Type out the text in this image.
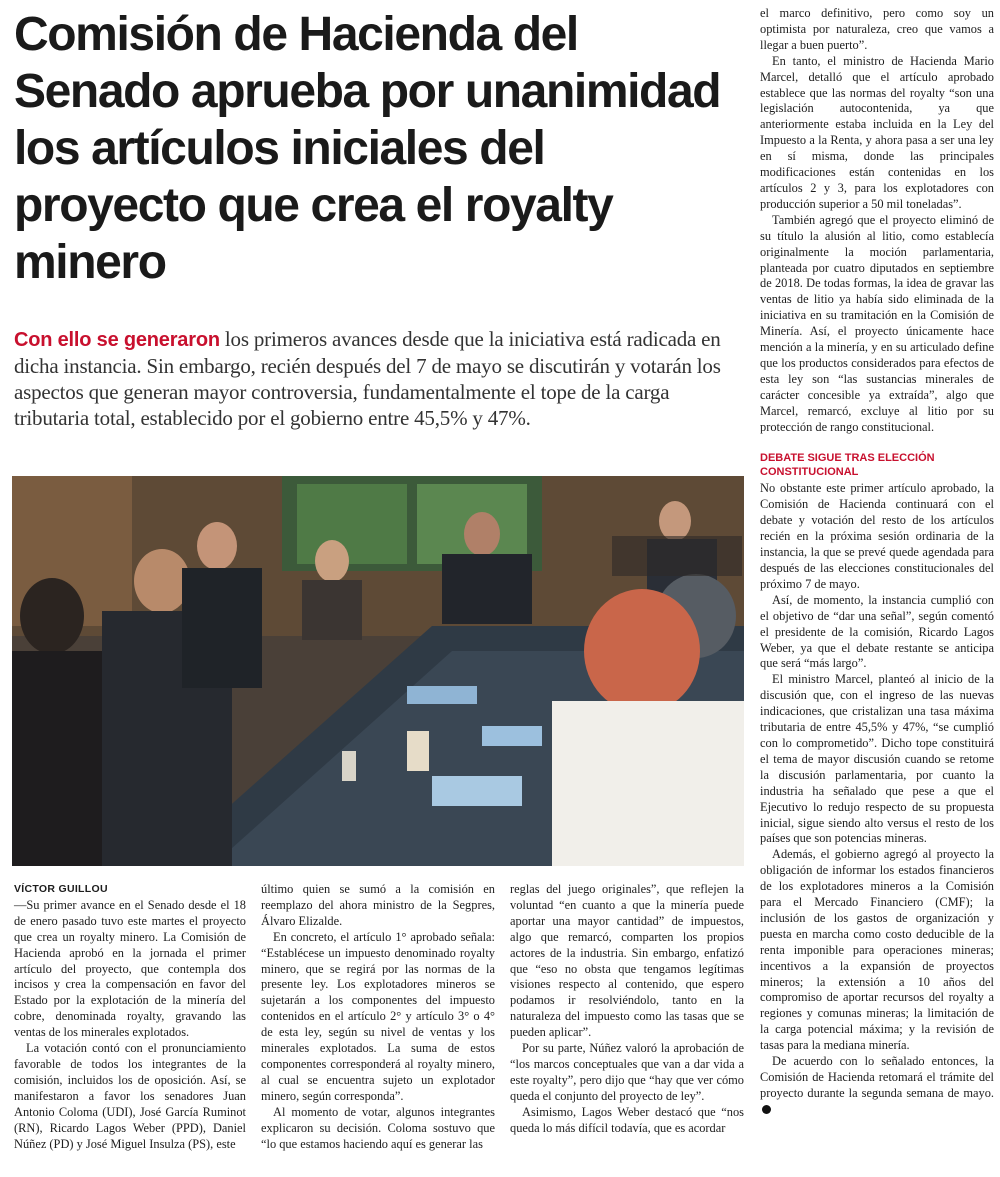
Comisión de Hacienda del Senado aprueba por unanimidad los artículos iniciales del proyecto que crea el royalty minero

Con ello se generaron los primeros avances desde que la iniciativa está radicada en dicha instancia. Sin embargo, recién después del 7 de mayo se discutirán y votarán los aspectos que generan mayor controversia, fundamentalmente el tope de la carga tributaria total, establecido por el gobierno entre 45,5% y 47%.

VÍCTOR GUILLOU

—Su primer avance en el Senado desde el 18 de enero pasado tuvo este martes el proyecto que crea un royalty minero. La Comisión de Hacienda aprobó en la jornada el primer artículo del proyecto, que contempla dos incisos y crea la compensación en favor del Estado por la explotación de la minería del cobre, denominada royalty, gravando las ventas de los minerales explotados.

La votación contó con el pronunciamiento favorable de todos los integrantes de la comisión, incluidos los de oposición. Así, se manifestaron a favor los senadores Juan Antonio Coloma (UDI), José García Ruminot (RN), Ricardo Lagos Weber (PPD), Daniel Núñez (PD) y José Miguel Insulza (PS), este

último quien se sumó a la comisión en reemplazo del ahora ministro de la Segpres, Álvaro Elizalde.

En concreto, el artículo 1° aprobado señala: “Establécese un impuesto denominado royalty minero, que se regirá por las normas de la presente ley. Los explotadores mineros se sujetarán a los componentes del impuesto contenidos en el artículo 2° y artículo 3° o 4° de esta ley, según su nivel de ventas y los minerales explotados. La suma de estos componentes corresponderá al royalty minero, al cual se encuentra sujeto un explotador minero, según corresponda”.

Al momento de votar, algunos integrantes explicaron su decisión. Coloma sostuvo que “lo que estamos haciendo aquí es generar las

reglas del juego originales”, que reflejen la voluntad “en cuanto a que la minería puede aportar una mayor cantidad” de impuestos, algo que remarcó, comparten los propios actores de la industria. Sin embargo, enfatizó que “eso no obsta que tengamos legítimas visiones respecto al contenido, que espero podamos ir resolviéndolo, tanto en la naturaleza del impuesto como las tasas que se pueden aplicar”.

Por su parte, Núñez valoró la aprobación de “los marcos conceptuales que van a dar vida a este royalty”, pero dijo que “hay que ver cómo queda el conjunto del proyecto de ley”.

Asimismo, Lagos Weber destacó que “nos queda lo más difícil todavía, que es acordar

el marco definitivo, pero como soy un optimista por naturaleza, creo que vamos a llegar a buen puerto”.

En tanto, el ministro de Hacienda Mario Marcel, detalló que el artículo aprobado establece que las normas del royalty “son una legislación autocontenida, ya que anteriormente estaba incluida en la Ley del Impuesto a la Renta, y ahora pasa a ser una ley en sí misma, donde las principales modificaciones están contenidas en los artículos 2 y 3, para los explotadores con producción superior a 50 mil toneladas”.

También agregó que el proyecto eliminó de su título la alusión al litio, como establecía originalmente la moción parlamentaria, planteada por cuatro diputados en septiembre de 2018. De todas formas, la idea de gravar las ventas de litio ya había sido eliminada de la iniciativa en su tramitación en la Comisión de Minería. Así, el proyecto únicamente hace mención a la minería, y en su articulado define que los productos considerados para efectos de esta ley son “las sustancias minerales de carácter concesible ya extraída”, algo que Marcel, remarcó, excluye al litio por su protección de rango constitucional.

DEBATE SIGUE TRAS ELECCIÓN CONSTITUCIONAL

No obstante este primer artículo aprobado, la Comisión de Hacienda continuará con el debate y votación del resto de los artículos recién en la próxima sesión ordinaria de la instancia, la que se prevé quede agendada para después de las elecciones constitucionales del próximo 7 de mayo.

Así, de momento, la instancia cumplió con el objetivo de “dar una señal”, según comentó el presidente de la comisión, Ricardo Lagos Weber, ya que el debate restante se anticipa que será “más largo”.

El ministro Marcel, planteó al inicio de la discusión que, con el ingreso de las nuevas indicaciones, que cristalizan una tasa máxima tributaria de entre 45,5% y 47%, “se cumplió con lo comprometido”. Dicho tope constituirá el tema de mayor discusión cuando se retome la discusión parlamentaria, por cuanto la industria ha señalado que pese a que el Ejecutivo lo redujo respecto de su propuesta inicial, sigue siendo alto versus el resto de los países que son potencias mineras.

Además, el gobierno agregó al proyecto la obligación de informar los estados financieros de los explotadores mineros a la Comisión para el Mercado Financiero (CMF); la inclusión de los gastos de organización y puesta en marcha como costo deducible de la renta imponible para operaciones mineras; incentivos a la expansión de proyectos mineros; la extensión a 10 años del compromiso de aportar recursos del royalty a regiones y comunas mineras; la limitación de la carga potencial máxima; y la revisión de tasas para la mediana minería.

De acuerdo con lo señalado entonces, la Comisión de Hacienda retomará el trámite del proyecto durante la segunda semana de mayo.
